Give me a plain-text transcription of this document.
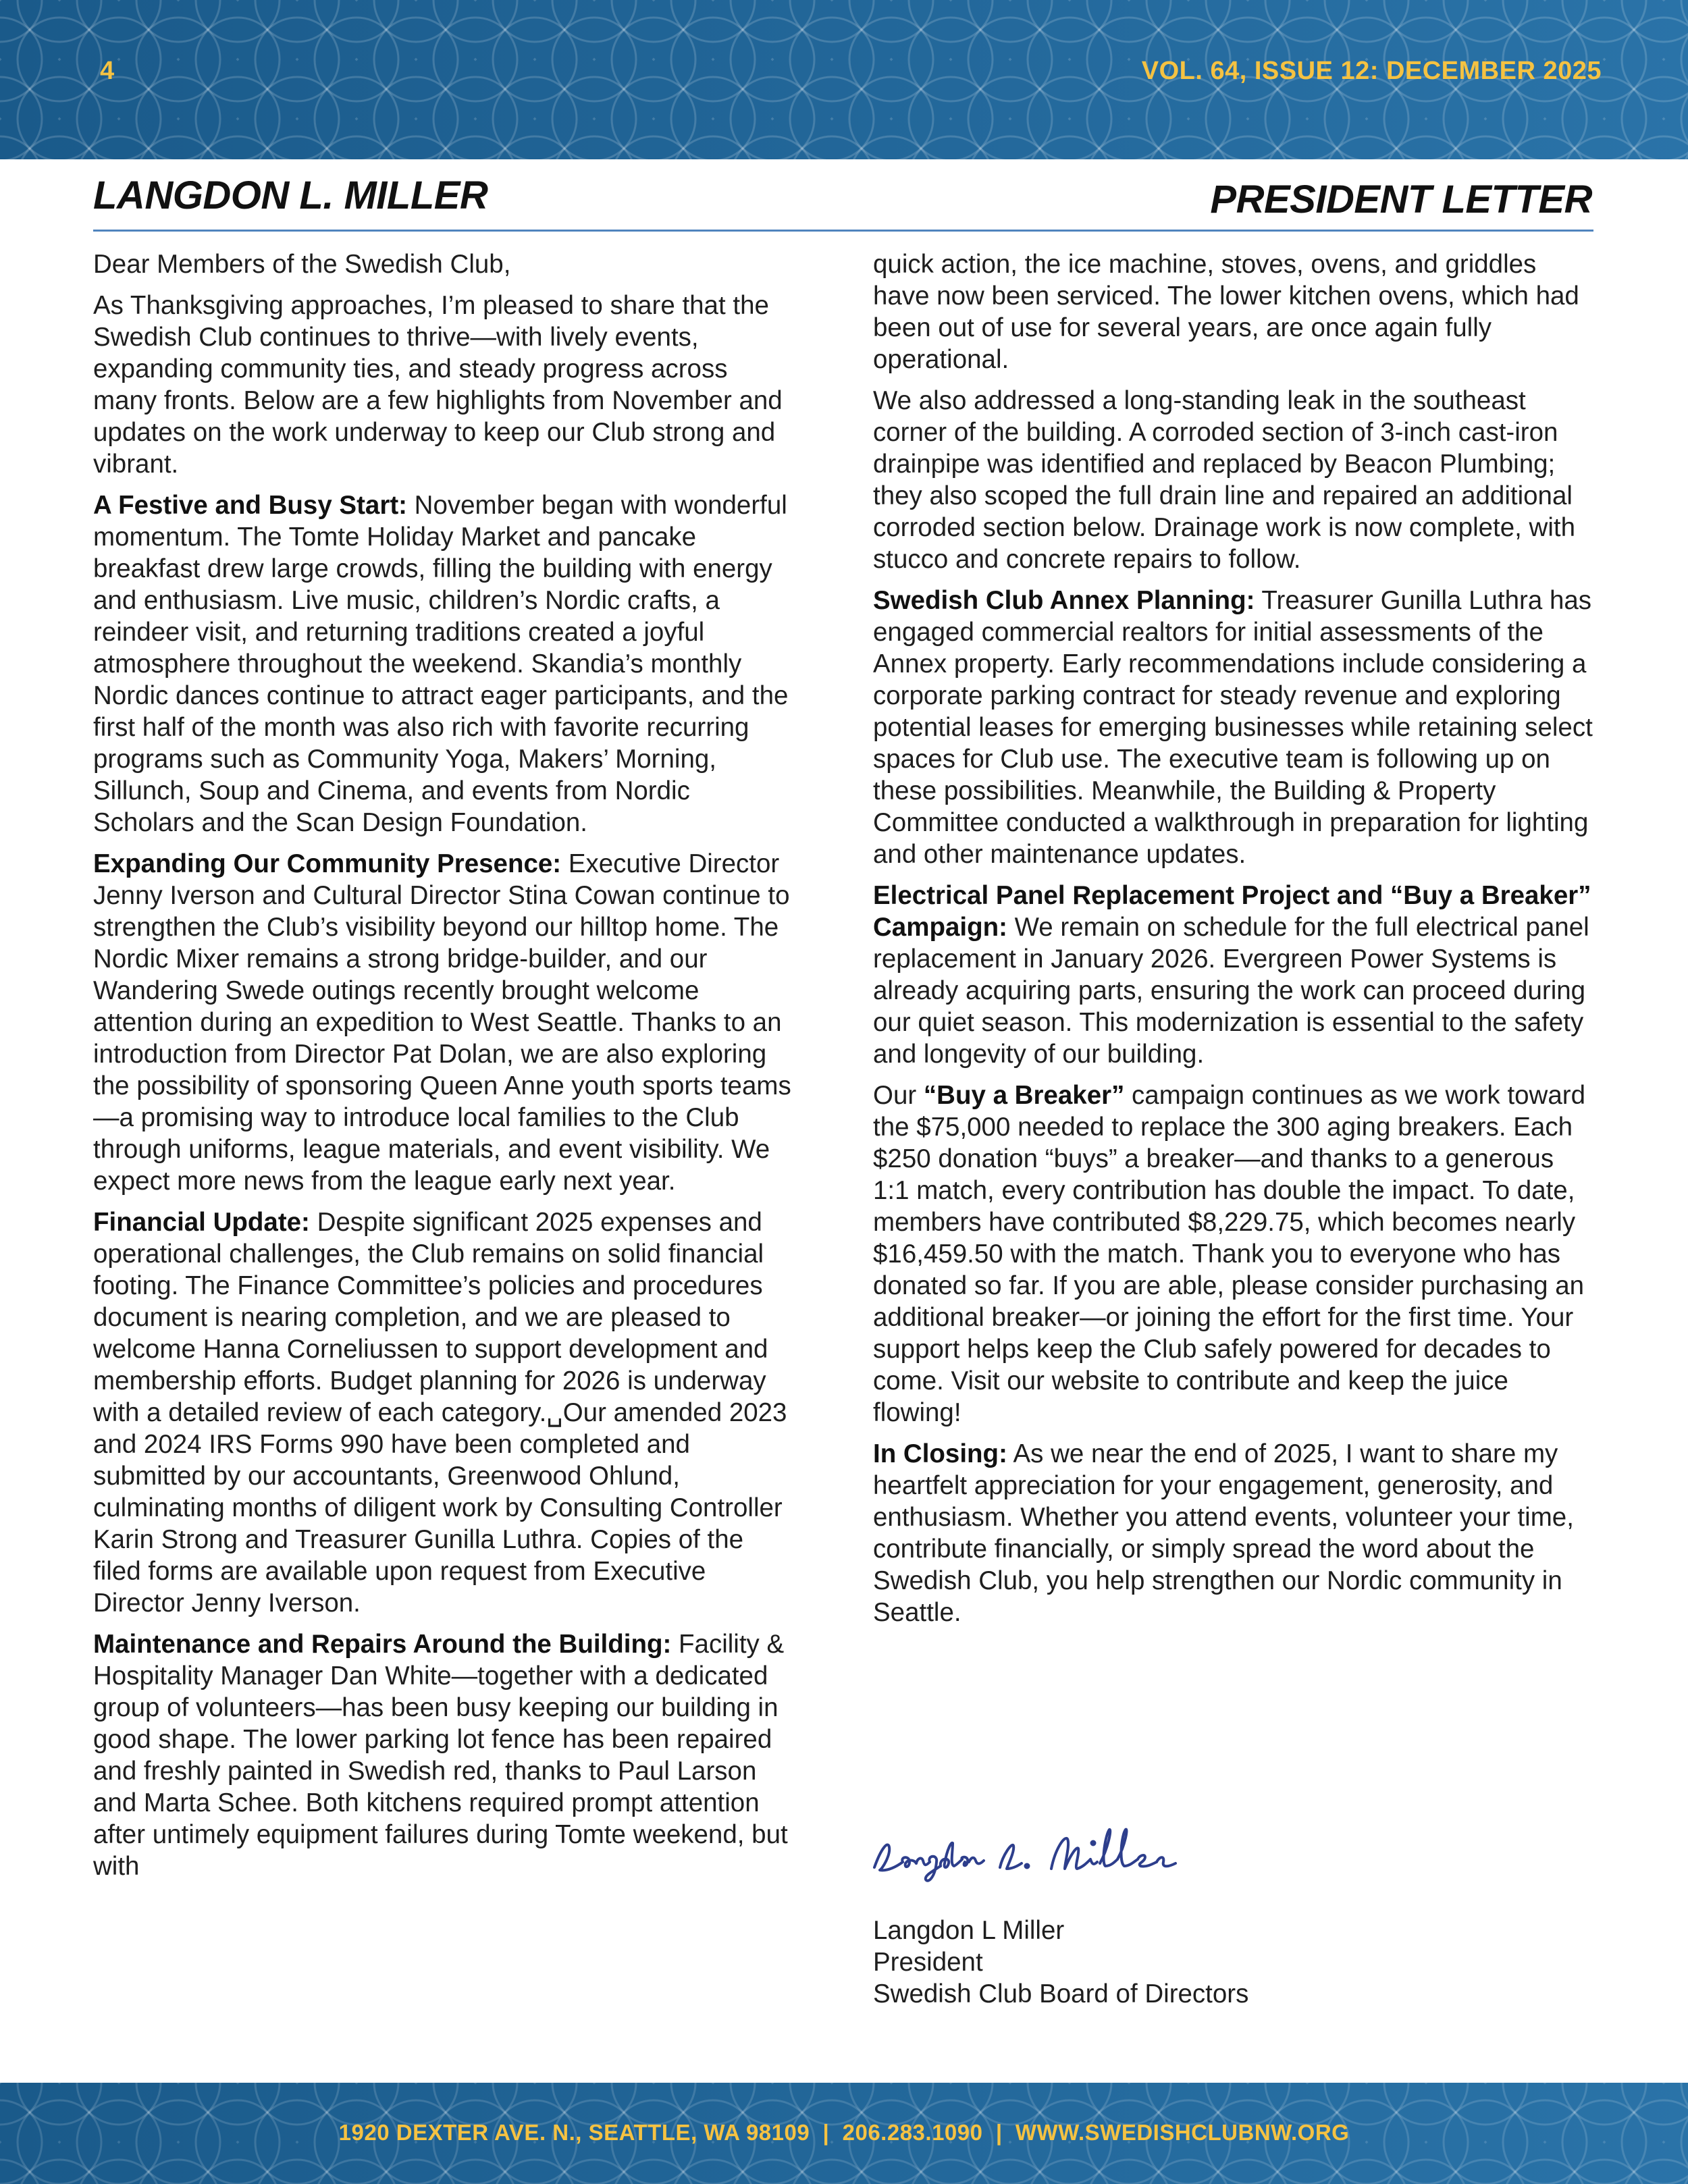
4	VOL. 64, ISSUE 12: DECEMBER 2025
LANGDON L. MILLER	PRESIDENT LETTER

Dear Members of the Swedish Club,

As Thanksgiving approaches, I’m pleased to share that the Swedish Club continues to thrive—with lively events, expanding community ties, and steady progress across many fronts. Below are a few highlights from November and updates on the work underway to keep our Club strong and vibrant.

A Festive and Busy Start: November began with wonderful momentum. The Tomte Holiday Market and pancake breakfast drew large crowds, filling the building with energy and enthusiasm. Live music, children’s Nordic crafts, a reindeer visit, and returning traditions created a joyful atmosphere throughout the weekend. Skandia’s monthly Nordic dances continue to attract eager participants, and the first half of the month was also rich with favorite recurring programs such as Community Yoga, Makers’ Morning, Sillunch, Soup and Cinema, and events from Nordic Scholars and the Scan Design Foundation.

Expanding Our Community Presence: Executive Director Jenny Iverson and Cultural Director Stina Cowan continue to strengthen the Club’s visibility beyond our hilltop home. The Nordic Mixer remains a strong bridge-builder, and our Wandering Swede outings recently brought welcome attention during an expedition to West Seattle. Thanks to an introduction from Director Pat Dolan, we are also exploring the possibility of sponsoring Queen Anne youth sports teams—a promising way to introduce local families to the Club through uniforms, league materials, and event visibility. We expect more news from the league early next year.

Financial Update: Despite significant 2025 expenses and operational challenges, the Club remains on solid financial footing. The Finance Committee’s policies and procedures document is nearing completion, and we are pleased to welcome Hanna Corneliussen to support development and membership efforts. Budget planning for 2026 is underway with a detailed review of each category.␣Our amended 2023 and 2024 IRS Forms 990 have been completed and submitted by our accountants, Greenwood Ohlund, culminating months of diligent work by Consulting Controller Karin Strong and Treasurer Gunilla Luthra. Copies of the filed forms are available upon request from Executive Director Jenny Iverson.

Maintenance and Repairs Around the Building: Facility & Hospitality Manager Dan White—together with a dedicated group of volunteers—has been busy keeping our building in good shape. The lower parking lot fence has been repaired and freshly painted in Swedish red, thanks to Paul Larson and Marta Schee. Both kitchens required prompt attention after untimely equipment failures during Tomte weekend, but with

quick action, the ice machine, stoves, ovens, and griddles have now been serviced. The lower kitchen ovens, which had been out of use for several years, are once again fully operational.

We also addressed a long-standing leak in the southeast corner of the building. A corroded section of 3-inch cast-iron drainpipe was identified and replaced by Beacon Plumbing; they also scoped the full drain line and repaired an additional corroded section below. Drainage work is now complete, with stucco and concrete repairs to follow.

Swedish Club Annex Planning: Treasurer Gunilla Luthra has engaged commercial realtors for initial assessments of the Annex property. Early recommendations include considering a corporate parking contract for steady revenue and exploring potential leases for emerging businesses while retaining select spaces for Club use. The executive team is following up on these possibilities. Meanwhile, the Building & Property Committee conducted a walkthrough in preparation for lighting and other maintenance updates.

Electrical Panel Replacement Project and “Buy a Breaker” Campaign: We remain on schedule for the full electrical panel replacement in January 2026. Evergreen Power Systems is already acquiring parts, ensuring the work can proceed during our quiet season. This modernization is essential to the safety and longevity of our building.

Our “Buy a Breaker” campaign continues as we work toward the $75,000 needed to replace the 300 aging breakers. Each $250 donation “buys” a breaker—and thanks to a generous 1:1 match, every contribution has double the impact. To date, members have contributed $8,229.75, which becomes nearly $16,459.50 with the match. Thank you to everyone who has donated so far. If you are able, please consider purchasing an additional breaker—or joining the effort for the first time. Your support helps keep the Club safely powered for decades to come. Visit our website to contribute and keep the juice flowing!

In Closing: As we near the end of 2025, I want to share my heartfelt appreciation for your engagement, generosity, and enthusiasm. Whether you attend events, volunteer your time, contribute financially, or simply spread the word about the Swedish Club, you help strengthen our Nordic community in Seattle.

Langdon L Miller
President
Swedish Club Board of Directors
1920 DEXTER AVE. N., SEATTLE, WA 98109  |  206.283.1090  |  WWW.SWEDISHCLUBNW.ORG
